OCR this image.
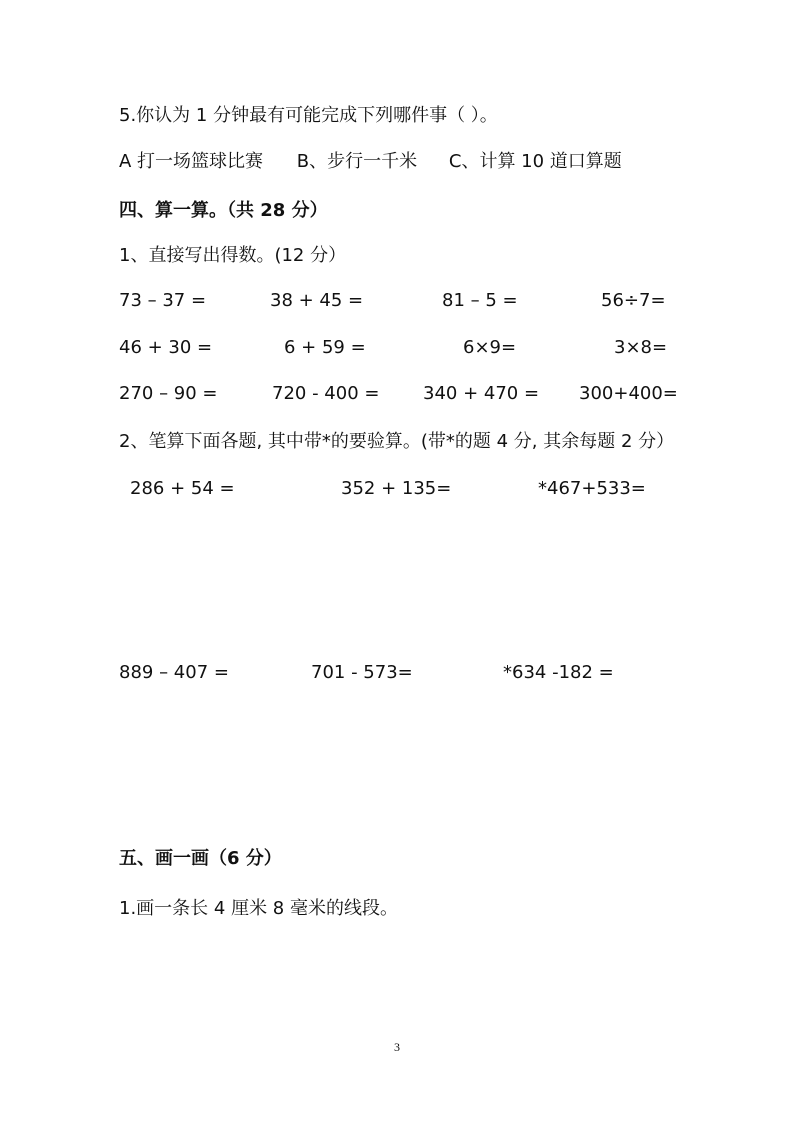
5.你认为 1 分钟最有可能完成下列哪件事（ ）。
A 打一场篮球比赛 B、步行一千米 C、计算 10 道口算题
四、算一算。（共 28 分）
1、直接写出得数。(12 分）
73 – 37 =	38 + 45 =	81 – 5 =	56÷7=
46 + 30 =	6 + 59 =	6×9=	3×8=
270 – 90 =	720 - 400 = 340 + 470 = 300+400=
2、笔算下面各题, 其中带*的要验算。(带*的题 4 分, 其余每题 2 分）
286 + 54 =	352 + 135=	*467+533=
889 – 407 =	701 - 573=	*634 -182 =
五、画一画（6 分）
1.画一条长 4 厘米 8 毫米的线段。
3
